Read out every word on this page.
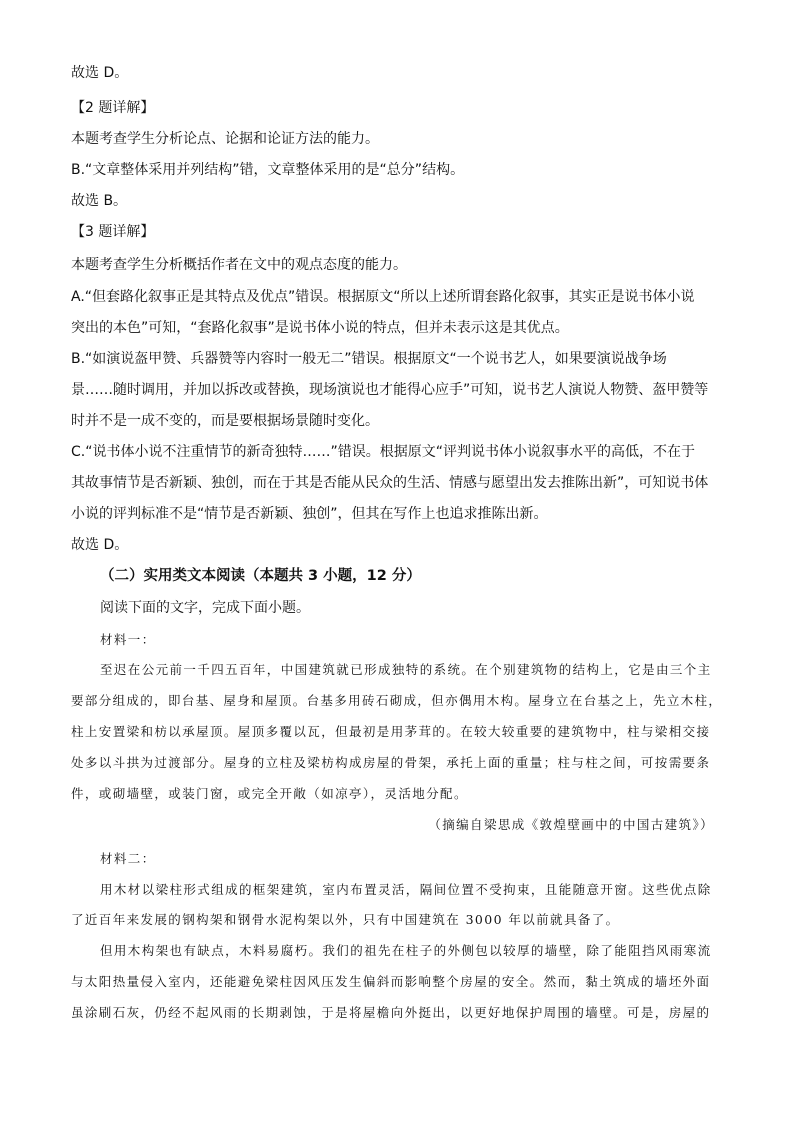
故选 D。
【2 题详解】
本题考查学生分析论点、论据和论证方法的能力。
B.“文章整体采用并列结构”错，文章整体采用的是“总分”结构。
故选 B。
【3 题详解】
本题考查学生分析概括作者在文中的观点态度的能力。
A.“但套路化叙事正是其特点及优点”错误。根据原文“所以上述所谓套路化叙事，其实正是说书体小说
突出的本色”可知，“套路化叙事”是说书体小说的特点，但并未表示这是其优点。
B.“如演说盔甲赞、兵器赞等内容时一般无二”错误。根据原文“一个说书艺人，如果要演说战争场
景……随时调用，并加以拆改或替换，现场演说也才能得心应手”可知，说书艺人演说人物赞、盔甲赞等
时并不是一成不变的，而是要根据场景随时变化。
C.“说书体小说不注重情节的新奇独特……”错误。根据原文“评判说书体小说叙事水平的高低，不在于
其故事情节是否新颖、独创，而在于其是否能从民众的生活、情感与愿望出发去推陈出新”，可知说书体
小说的评判标准不是“情节是否新颖、独创”，但其在写作上也追求推陈出新。
故选 D。
（二）实用类文本阅读（本题共 3 小题，12 分）
阅读下面的文字，完成下面小题。
材料一：
至迟在公元前一千四五百年，中国建筑就已形成独特的系统。在个别建筑物的结构上，它是由三个主
要部分组成的，即台基、屋身和屋顶。台基多用砖石砌成，但亦偶用木构。屋身立在台基之上，先立木柱，
柱上安置梁和枋以承屋顶。屋顶多覆以瓦，但最初是用茅茸的。在较大较重要的建筑物中，柱与梁相交接
处多以斗拱为过渡部分。屋身的立柱及梁枋构成房屋的骨架，承托上面的重量；柱与柱之间，可按需要条
件，或砌墙壁，或装门窗，或完全开敞（如凉亭），灵活地分配。
（摘编自梁思成《敦煌壁画中的中国古建筑》）
材料二：
用木材以梁柱形式组成的框架建筑，室内布置灵活，隔间位置不受拘束，且能随意开窗。这些优点除
了近百年来发展的钢构架和钢骨水泥构架以外，只有中国建筑在 3000 年以前就具备了。
但用木构架也有缺点，木料易腐朽。我们的祖先在柱子的外侧包以较厚的墙壁，除了能阻挡风雨寒流
与太阳热量侵入室内，还能避免梁柱因风压发生偏斜而影响整个房屋的安全。然而，黏土筑成的墙坯外面
虽涂刷石灰，仍经不起风雨的长期剥蚀，于是将屋檐向外挺出，以更好地保护周围的墙壁。可是，房屋的
